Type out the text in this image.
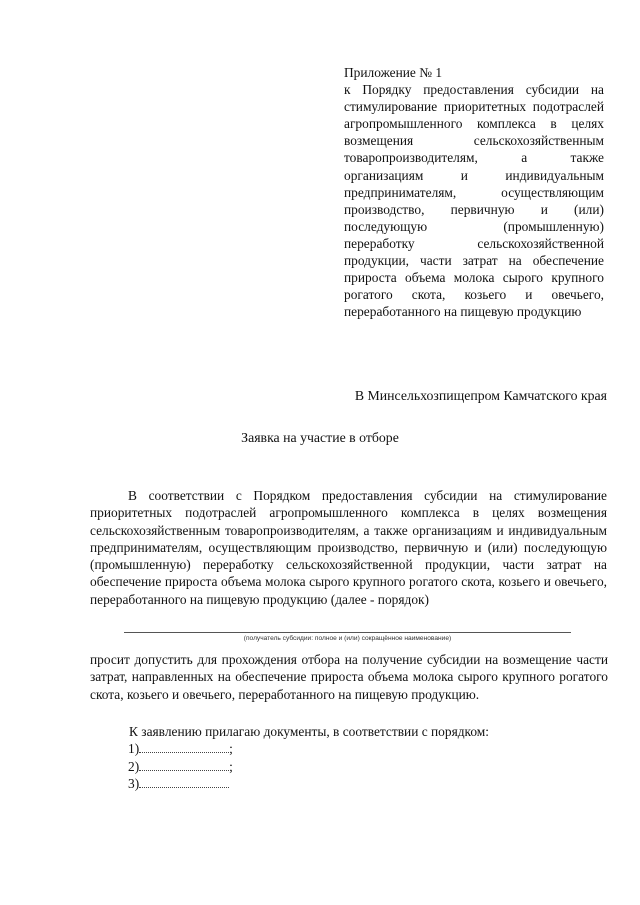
Приложение № 1

к Порядку предоставления субсидии на стимулирование приоритетных подотраслей агропромышленного комплекса в целях возмещения сельскохозяйственным товаропроизводителям, а также организациям и индивидуальным предпринимателям, осуществляющим производство, первичную и (или) последующую (промышленную) переработку сельскохозяйственной продукции, части затрат на обеспечение прироста объема молока сырого крупного рогатого скота, козьего и овечьего, переработанного на пищевую продукцию

В Минсельхозпищепром Камчатского края
Заявка на участие в отборе

В соответствии с Порядком предоставления субсидии на стимулирование приоритетных подотраслей агропромышленного комплекса в целях возмещения сельскохозяйственным товаропроизводителям, а также организациям и индивидуальным предпринимателям, осуществляющим производство, первичную и (или) последующую (промышленную) переработку сельскохозяйственной продукции, части затрат на обеспечение прироста объема молока сырого крупного рогатого скота, козьего и овечьего, переработанного на пищевую продукцию (далее - порядок)

(получатель субсидии: полное и (или) сокращённое наименование)

просит допустить для прохождения отбора на получение субсидии на возмещение части затрат, направленных на обеспечение прироста объема молока сырого крупного рогатого скота, козьего и овечьего, переработанного на пищевую продукцию.

К заявлению прилагаю документы, в соответствии с порядком:

1)	;
2)	;
3)
